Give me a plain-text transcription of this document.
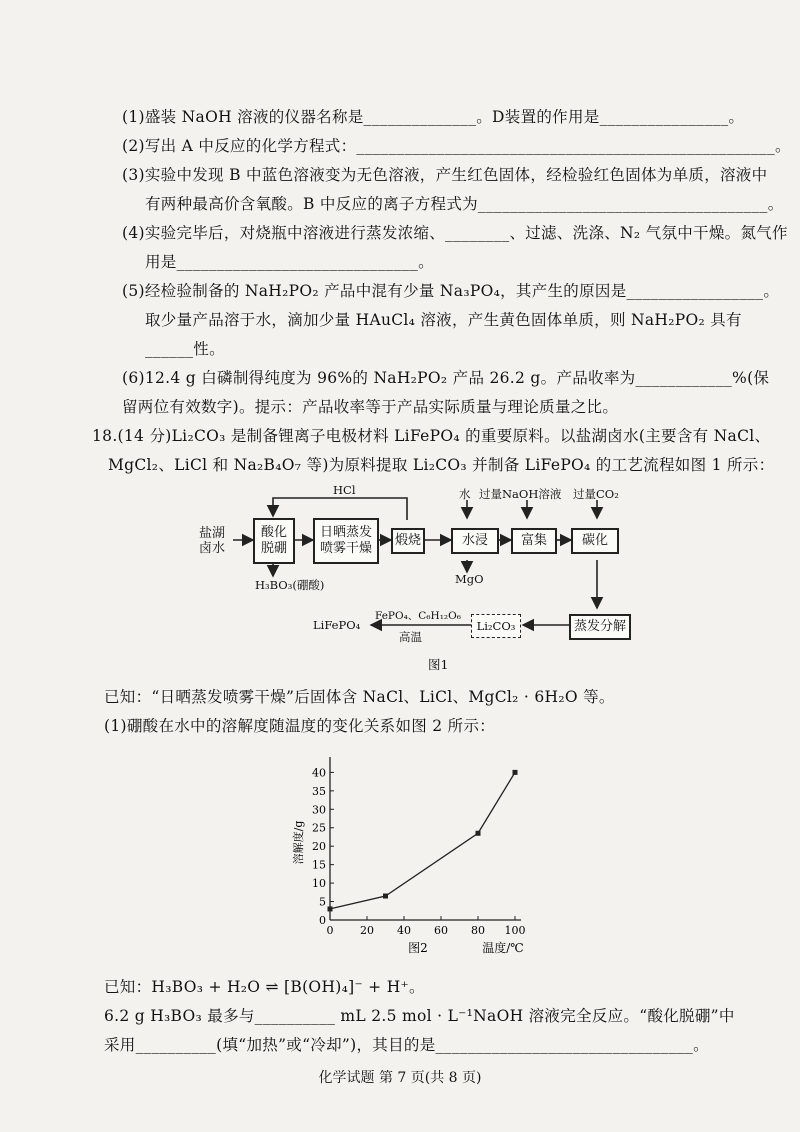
(1)盛装 NaOH 溶液的仪器名称是______________。D装置的作用是________________。
(2)写出 A 中反应的化学方程式：____________________________________________________。
(3)实验中发现 B 中蓝色溶液变为无色溶液，产生红色固体，经检验红色固体为单质，溶液中
有两种最高价含氧酸。B 中反应的离子方程式为____________________________________。
(4)实验完毕后，对烧瓶中溶液进行蒸发浓缩、________、过滤、洗涤、N₂ 气氛中干燥。氮气作
用是______________________________。
(5)经检验制备的 NaH₂PO₂ 产品中混有少量 Na₃PO₄，其产生的原因是_________________。
取少量产品溶于水，滴加少量 HAuCl₄ 溶液，产生黄色固体单质，则 NaH₂PO₂ 具有
______性。
(6)12.4 g 白磷制得纯度为 96%的 NaH₂PO₂ 产品 26.2 g。产品收率为____________%(保
留两位有效数字)。提示：产品收率等于产品实际质量与理论质量之比。
18.(14 分)Li₂CO₃ 是制备锂离子电极材料 LiFePO₄ 的重要原料。以盐湖卤水(主要含有 NaCl、
MgCl₂、LiCl 和 Na₂B₄O₇ 等)为原料提取 Li₂CO₃ 并制备 LiFePO₄ 的工艺流程如图 1 所示：
盐湖
卤水
酸化
脱硼
日晒蒸发
喷雾干燥
煅烧	水浸	富集	碳化
蒸发分解
Li₂CO₃
HCl
H₃BO₃(硼酸)
水 过量NaOH溶液 过量CO₂
MgO
FePO₄、C₆H₁₂O₆
高温
LiFePO₄
图1
已知：“日晒蒸发喷雾干燥”后固体含 NaCl、LiCl、MgCl₂ · 6H₂O 等。
(1)硼酸在水中的溶解度随温度的变化关系如图 2 所示：
0
5
10
15
20
25
30
35
40
0 20 40 60 80 100
溶解度/g
温度/℃
图2
已知：H₃BO₃ + H₂O ⇌ [B(OH)₄]⁻ + H⁺。
6.2 g H₃BO₃ 最多与__________ mL 2.5 mol · L⁻¹NaOH 溶液完全反应。“酸化脱硼”中
采用__________(填“加热”或“冷却”)，其目的是________________________________。
化学试题 第 7 页(共 8 页)
